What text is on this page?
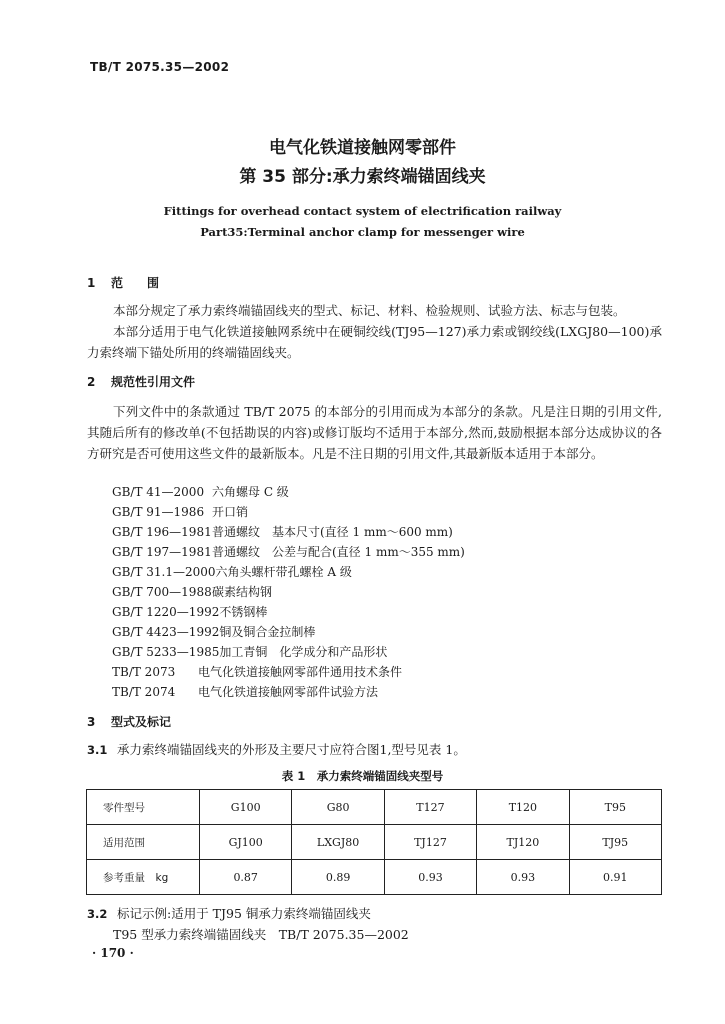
TB/T 2075.35—2002
电气化铁道接触网零部件
第 35 部分:承力索终端锚固线夹
Fittings for overhead contact system of electrification railway
Part35:Terminal anchor clamp for messenger wire
1 范　　围
本部分规定了承力索终端锚固线夹的型式、标记、材料、检验规则、试验方法、标志与包装。
本部分适用于电气化铁道接触网系统中在硬铜绞线(TJ95—127)承力索或钢绞线(LXGJ80—100)承力索终端下锚处所用的终端锚固线夹。
2 规范性引用文件
下列文件中的条款通过 TB/T 2075 的本部分的引用而成为本部分的条款。凡是注日期的引用文件,其随后所有的修改单(不包括勘误的内容)或修订版均不适用于本部分,然而,鼓励根据本部分达成协议的各方研究是否可使用这些文件的最新版本。凡是不注日期的引用文件,其最新版本适用于本部分。
GB/T 41—2000 六角螺母 C 级
GB/T 91—1986 开口销
GB/T 196—1981普通螺纹　基本尺寸(直径 1 mm～600 mm)
GB/T 197—1981普通螺纹　公差与配合(直径 1 mm～355 mm)
GB/T 31.1—2000六角头螺杆带孔螺栓 A 级
GB/T 700—1988碳素结构钢
GB/T 1220—1992不锈钢棒
GB/T 4423—1992铜及铜合金拉制棒
GB/T 5233—1985加工青铜　化学成分和产品形状
TB/T 2073 电气化铁道接触网零部件通用技术条件
TB/T 2074 电气化铁道接触网零部件试验方法
3 型式及标记
3.1 承力索终端锚固线夹的外形及主要尺寸应符合图1,型号见表 1。
表 1　承力索终端锚固线夹型号
零件型号	G100	G80	T127	T120	T95
适用范围	GJ100	LXGJ80	TJ127	TJ120	TJ95
参考重量　kg	0.87	0.89	0.93	0.93	0.91
3.2 标记示例:适用于 TJ95 铜承力索终端锚固线夹
T95 型承力索终端锚固线夹　TB/T 2075.35—2002
· 170 ·
